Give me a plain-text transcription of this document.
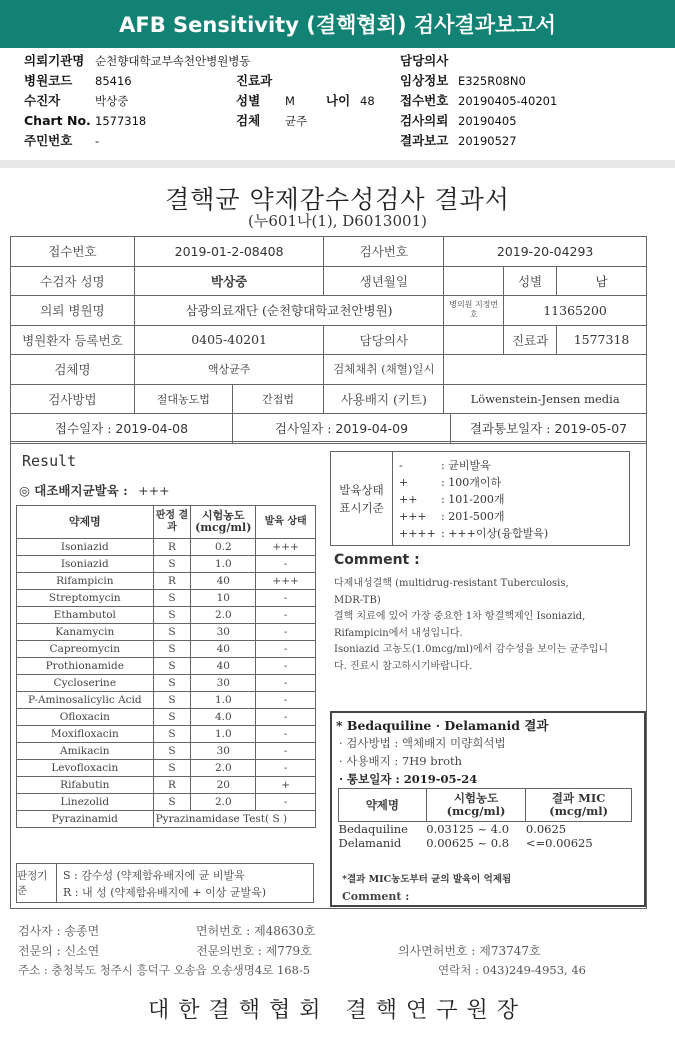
AFB Sensitivity (결핵협회) 검사결과보고서
의뢰기관명 순천향대학교부속천안병원병동	담당의사
병원코드 85416	진료과	임상정보 E325R08N0
수진자	박상중	성별 M 나이 48 접수번호 20190405-40201
Chart No. 1577318	검체 균주	검사의뢰 20190405
주민번호 -	결과보고 20190527
결핵균 약제감수성검사 결과서
(누601나(1), D6013001)
접수번호	2019-01-2-08408		검사번호	2019-20-04293		
수검자 성명	박상중		생년월일		성별	남
의뢰 병원명	삼광의료재단 (순천향대학교천안병원)			병의원 지정번호	11365200	
병원환자 등록번호	0405-40201		담당의사		진료과	1577318
검체명	액상균주		검체채취 (채혈)일시			
검사방법	절대농도법	간접법	사용배지 (키트)	Löwenstein-Jensen media		

접수일자 : 2019-04-08 검사일자 : 2019-04-09 결과통보일자 : 2019-05-07						
Result
◎ 대조배지균발육 : +++
약제명	판정 결과	시험농도 (mcg/ml)	발육 상태
Isoniazid	R	0.2	+++
Isoniazid	S	1.0	-
Rifampicin	R	40	+++
Streptomycin	S	10	-
Ethambutol	S	2.0	-
Kanamycin	S	30	-
Capreomycin	S	40	-
Prothionamide	S	40	-
Cycloserine	S	30	-
P-Aminosalicylic Acid	S	1.0	-
Ofloxacin	S	4.0	-
Moxifloxacin	S	1.0	-
Amikacin	S	30	-
Levofloxacin	S	2.0	-
Rifabutin	R	20	+
Linezolid	S	2.0	-
Pyrazinamid	Pyrazinamidase Test( S )		
발육상태 표시기준
-	: 균비발육
+	: 100개이하
++ : 101-200개
+++ : 201-500개
++++ : +++이상(융합발육)
Comment :
다제내성결핵 (multidrug-resistant Tuberculosis,
MDR-TB)
결핵 치료에 있어 가장 중요한 1차 항결핵제인 Isoniazid,
Rifampicin에서 내성입니다.
Isoniazid 고농도(1.0mcg/ml)에서 감수성을 보이는 균주입니
다. 진료시 참고하시기바랍니다.
* Bedaquiline · Delamanid 결과
· 검사방법 : 액체배지 미량희석법
· 사용배지 : 7H9 broth
· 통보일자 : 2019-05-24
약제명	시험농도 (mcg/ml)	결과 MIC (mcg/ml)
Bedaquiline	0.03125 ~ 4.0	0.0625
Delamanid	0.00625 ~ 0.8	<=0.00625
*결과 MIC농도부터 균의 발육이 억제됨
Comment :
판정기준
S : 감수성 (약제함유배지에 균 비발육
R : 내 성 (약제함유배지에 + 이상 균발육)
검사자 : 송종면	면허번호 : 제48630호
전문의 : 신소연	전문의번호 : 제779호	의사면허번호 : 제73747호
주소 : 충청북도 청주시 흥덕구 오송읍 오송생명4로 168-5	연락처 : 043)249-4953, 46
대한결핵협회 결핵연구원장
